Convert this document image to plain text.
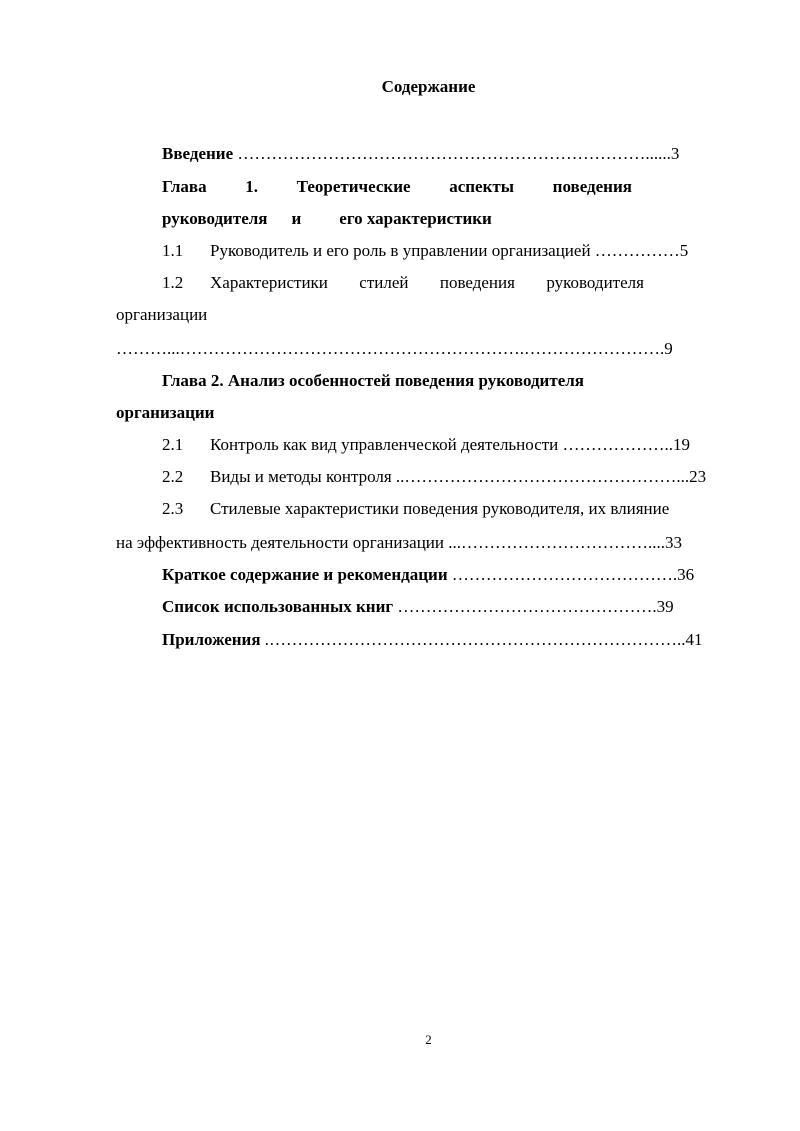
Содержание
Введение ………………………………………………………………......3
Глава 1. Теоретические аспекты поведения
руководителя и его характеристики
1.1 Руководитель и его роль в управлении организацией ……………5
1.2	Характеристики стилей поведения руководителя
организации
………...…………………………………………………….…………………….9
Глава 2. Анализ особенностей поведения руководителя
организации
2.1 Контроль как вид управленческой деятельности ………………..19
2.2 Виды и методы контроля ..…………………………………………...23
2.3 Стилевые характеристики поведения руководителя, их влияние
на эффективность деятельности организации ...……………………………....33
Краткое содержание и рекомендации ………………………………….36
Список использованных книг ……………………………………….39
Приложения .………………………………………………………………..41
2
